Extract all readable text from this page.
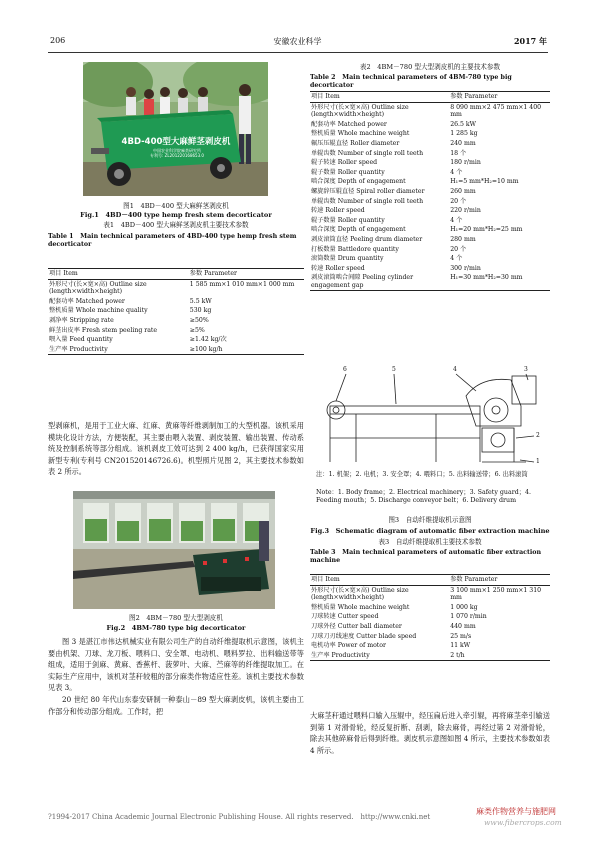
206	安徽农业科学	2017 年
4BD-400型大麻鲜茎剥皮机
中国农业科学院麻类研究所
专利号: ZL201220168653.0
图1　4BD－400 型大麻鲜茎剥皮机
Fig.1　4BD－400 type hemp fresh stem decorticator
表1　4BD－400 型大麻鲜茎剥皮机主要技术参数
Table 1 Main technical parameters of 4BD-400 type hemp fresh stem decorticator
项目 Item	参数 Parameter
外形尺寸(长×宽×高) Outline size (length×width×height)	1 585 mm×1 010 mm×1 000 mm
配套功率 Matched power	5.5 kW
整机质量 Whole machine quality	530 kg
剥净率 Stripping rate	≥50%
鲜茎出皮率 Fresh stem peeling rate	≥5%
喂入量 Feed quantity	≥1.42 kg/次
生产率 Productivity	≥100 kg/h

型剥麻机，是用于工业大麻、红麻、黄麻等纤维剥制加工的大型机器。该机采用模块化设计方法，方便装配，其主要由喂入装置、剥皮装置、输出装置、传动系统及控制系统等部分组成。该机剥皮工效可达到 2 400 kg/h，已获得国家实用新型专利(专利号 CN201520146726.6)。机型照片见图 2，其主要技术参数如表 2 所示。

图2　4BM－780 型大型剥皮机
Fig.2　4BM-780 type big decorticator

图 3 是湛江市伟达机械实业有限公司生产的自动纤维提取机示意图，该机主要由机架、刀球、龙刀板、喂料口、安全罩、电动机、喂料罗拉、出料输送带等组成，适用于剑麻、黄麻、香蕉杆、菠萝叶、大麻、苎麻等的纤维提取加工。在实际生产应用中，该机对茎秆较粗的部分麻类作物适应性差。该机主要技术参数见表 3。

20 世纪 80 年代山东泰安研制一种泰山－89 型大麻剥皮机，该机主要由工作部分和传动部分组成。工作时，把

表2　4BM－780 型大型剥皮机的主要技术参数
Table 2 Main technical parameters of 4BM-780 type big decorticator
项目 Item	参数 Parameter
外形尺寸(长×宽×高) Outline size (length×width×height)	8 090 mm×2 475 mm×1 400 mm
配套功率 Matched power	26.5 kW
整机质量 Whole machine weight	1 285 kg
辗压压辊直径 Roller diameter	240 mm
单辊齿数 Number of single roll teeth	18 个
辊子转速 Roller speed	180 r/min
辊子数量 Roller quantity	4 个
啮合深度 Depth of engagement	H₁=5 mm*H₂=10 mm
螺旋辞压辊直径 Spiral roller diameter	260 mm
单辊齿数 Number of single roll teeth	20 个
转速 Roller speed	220 r/min
辊子数量 Roller quantity	4 个
啮合深度 Depth of engagement	H₁=20 mm*H₂=25 mm
剥皮滚筒直径 Peeling drum diameter	280 mm
打板数量 Battledore quantity	20 个
滚筒数量 Drum quantity	4 个
转速 Roller speed	300 r/min
剥皮滚筒啮合间隙 Peeling cylinder engagement gap	H₁=30 mm*H₂=30 mm
6	5	4	3
2
1
注：1. 机架；2. 电机；3. 安全罩；4. 喂料口；5. 出料输送带；6. 出料滚筒
Note：1. Body frame；2. Electrical machinery；3. Safety guard；4. Feeding mouth；5. Discharge conveyor belt；6. Delivery drum
图3　自动纤维提取机示意图
Fig.3　Schematic diagram of automatic fiber extraction machine
表3　自动纤维提取机主要技术参数
Table 3 Main technical parameters of automatic fiber extraction machine
项目 Item	参数 Parameter
外形尺寸(长×宽×高) Outline size (length×width×height)	3 100 mm×1 250 mm×1 310 mm
整机质量 Whole machine weight	1 000 kg
刀球转速 Cutter speed	1 070 r/min
刀球外径 Cutter ball diameter	440 mm
刀球刀刃线速度 Cutter blade speed	25 m/s
电机功率 Power of motor	11 kW
生产率 Productivity	2 t/h

大麻茎秆通过喂料口输入压辊中，经压扁后进入牵引辊，再将麻茎牵引输送到第 1 对滑骨轮，经反复折断、刮剥，除去麻骨，再经过第 2 对滑骨轮，除去其他碎麻骨后得到纤维。剥皮机示意图如图 4 所示，主要技术参数如表 4 所示。

?1994-2017 China Academic Journal Electronic Publishing House. All rights reserved.　http://www.cnki.net
麻类作物营养与施肥网
www.fibercrops.com
